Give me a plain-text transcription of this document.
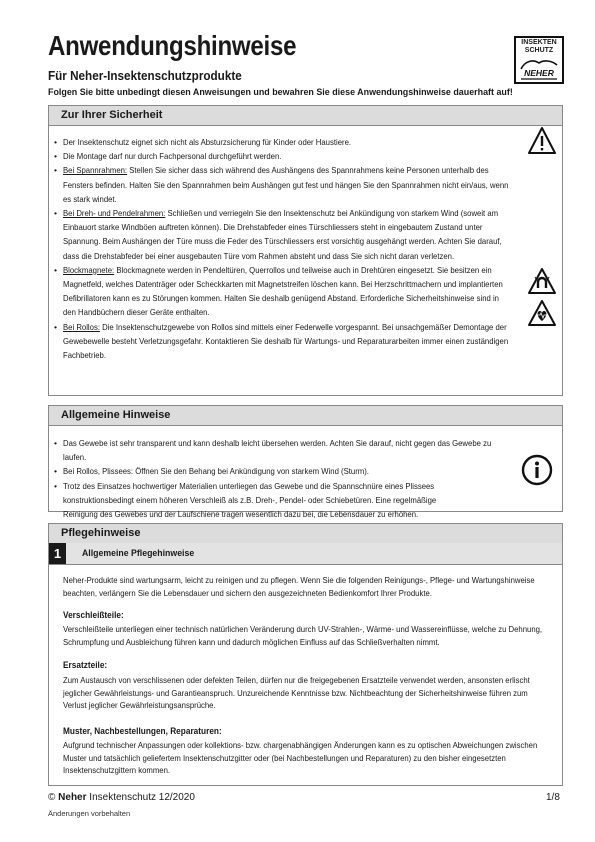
Anwendungshinweise
Für Neher-Insektenschutzprodukte
Folgen Sie bitte unbedingt diesen Anweisungen und bewahren Sie diese Anwendungshinweise dauerhaft auf!
INSEKTEN
SCHUTZ
NEHER
Zur Ihrer Sicherheit
• Der Insektenschutz eignet sich nicht als Absturzsicherung für Kinder oder Haustiere.
• Die Montage darf nur durch Fachpersonal durchgeführt werden.
• Bei Spannrahmen: Stellen Sie sicher dass sich während des Aushängens des Spannrahmens keine Personen unterhalb des Fensters befinden. Halten Sie den Spannrahmen beim Aushängen gut fest und hängen Sie den Spannrahmen nicht ein/aus, wenn es stark windet.
• Bei Dreh- und Pendelrahmen: Schließen und verriegeln Sie den Insektenschutz bei Ankündigung von starkem Wind (soweit am Einbauort starke Windböen auftreten können). Die Drehstabfeder eines Türschliessers steht in eingebautem Zustand unter Spannung. Beim Aushängen der Türe muss die Feder des Türschliessers erst vorsichtig ausgehängt werden. Achten Sie darauf, dass die Drehstabfeder bei einer ausgebauten Türe vom Rahmen absteht und dass Sie sich nicht daran verletzen.
• Blockmagnete: Blockmagnete werden in Pendeltüren, Querrollos und teilweise auch in Drehtüren eingesetzt. Sie besitzen ein Magnetfeld, welches Datenträger oder Scheckkarten mit Magnetstreifen löschen kann. Bei Herzschrittmachern und implantierten Defibrillatoren kann es zu Störungen kommen. Halten Sie deshalb genügend Abstand. Erforderliche Sicherheitshinweise sind in den Handbüchern dieser Geräte enthalten.
• Bei Rollos: Die Insektenschutzgewebe von Rollos sind mittels einer Federwelle vorgespannt. Bei unsachgemäßer Demontage der Gewebewelle besteht Verletzungsgefahr. Kontaktieren Sie deshalb für Wartungs- und Reparaturarbeiten immer einen zuständigen Fachbetrieb.
Allgemeine Hinweise
• Das Gewebe ist sehr transparent und kann deshalb leicht übersehen werden. Achten Sie darauf, nicht gegen das Gewebe zu laufen.
• Bei Rollos, Plissees: Öffnen Sie den Behang bei Ankündigung von starkem Wind (Sturm).
• Trotz des Einsatzes hochwertiger Materialien unterliegen das Gewebe und die Spannschnüre eines Plissees konstruktionsbedingt einem höheren Verschleiß als z.B. Dreh-, Pendel- oder Schiebetüren. Eine regelmäßige Reinigung des Gewebes und der Laufschiene tragen wesentlich dazu bei, die Lebensdauer zu erhöhen.
Pflegehinweise
1	Allgemeine Pflegehinweise
Neher-Produkte sind wartungsarm, leicht zu reinigen und zu pflegen. Wenn Sie die folgenden Reinigungs-, Pflege- und Wartungshinweise beachten, verlängern Sie die Lebensdauer und sichern den ausgezeichneten Bedienkomfort Ihrer Produkte.
Verschleißteile:
Verschleißteile unterliegen einer technisch natürlichen Veränderung durch UV-Strahlen-, Wärme- und Wassereinflüsse, welche zu Dehnung, Schrumpfung und Ausbleichung führen kann und dadurch möglichen Einfluss auf das Schließverhalten nimmt.
Ersatzteile:
Zum Austausch von verschlissenen oder defekten Teilen, dürfen nur die freigegebenen Ersatzteile verwendet werden, ansonsten erlischt jeglicher Gewährleistungs- und Garantieanspruch. Unzureichende Kenntnisse bzw. Nichtbeachtung der Sicherheitshinweise führen zum Verlust jeglicher Gewährleistungsansprüche.
Muster, Nachbestellungen, Reparaturen:
Aufgrund technischer Anpassungen oder kollektions- bzw. chargenabhängigen Änderungen kann es zu optischen Abweichungen zwischen Muster und tatsächlich geliefertem Insektenschutzgitter oder (bei Nachbestellungen und Reparaturen) zu den bisher eingesetzten Insektenschutzgittern kommen.
© Neher Insektenschutz 12/2020	1/8
Änderungen vorbehalten
